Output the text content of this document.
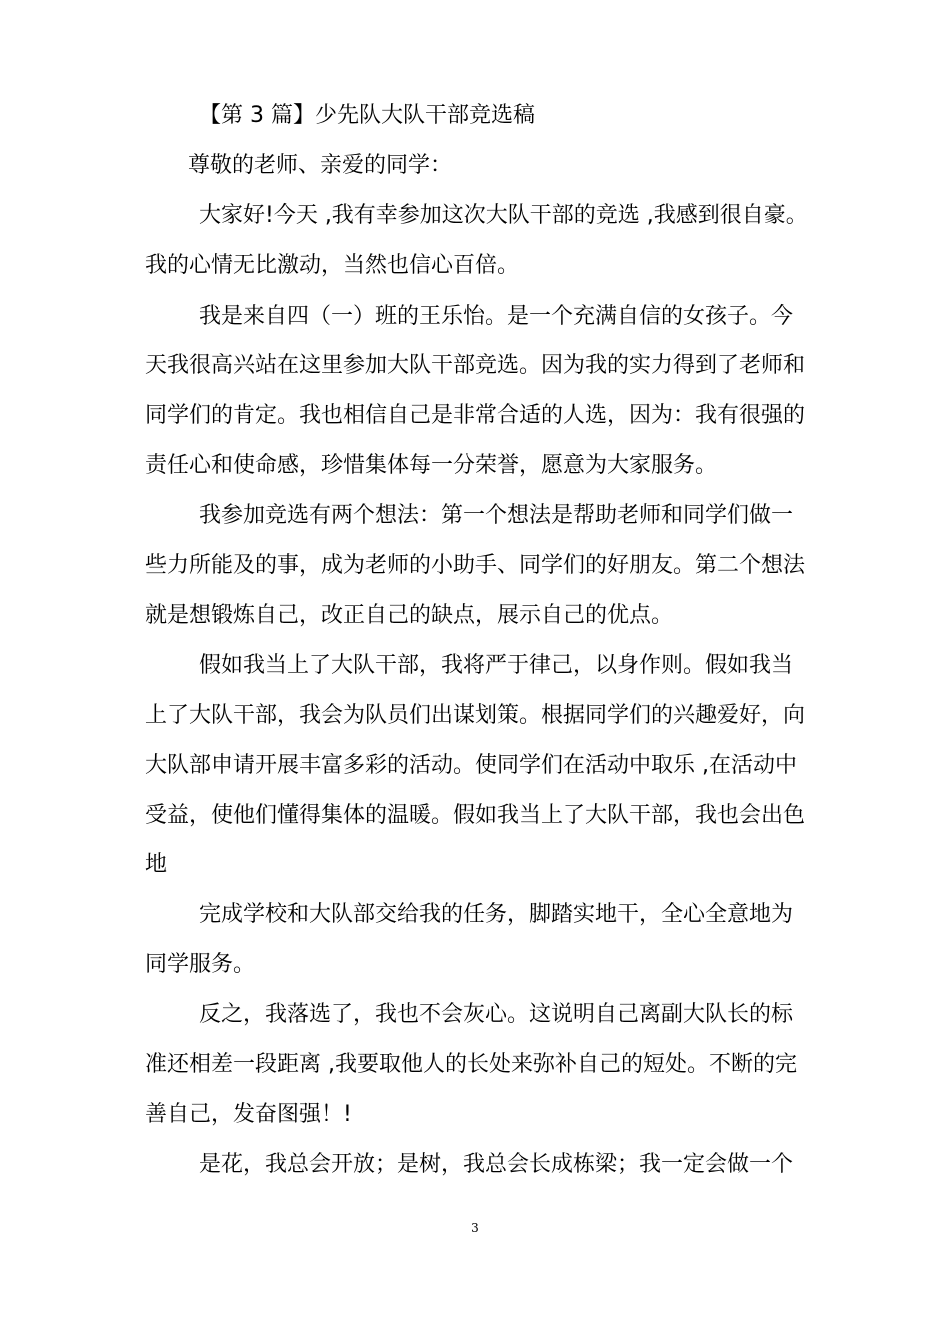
【第 3 篇】少先队大队干部竞选稿
尊敬的老师、亲爱的同学：
大家好!今天 ,我有幸参加这次大队干部的竞选 ,我感到很自豪。
我的心情无比激动，当然也信心百倍。
我是来自四（一）班的王乐怡。是一个充满自信的女孩子。今
天我很高兴站在这里参加大队干部竞选。因为我的实力得到了老师和
同学们的肯定。我也相信自己是非常合适的人选，因为：我有很强的
责任心和使命感，珍惜集体每一分荣誉，愿意为大家服务。
我参加竞选有两个想法：第一个想法是帮助老师和同学们做一
些力所能及的事，成为老师的小助手、同学们的好朋友。第二个想法
就是想锻炼自己，改正自己的缺点，展示自己的优点。
假如我当上了大队干部，我将严于律己，以身作则。假如我当
上了大队干部，我会为队员们出谋划策。根据同学们的兴趣爱好，向
大队部申请开展丰富多彩的活动。使同学们在活动中取乐 ,在活动中
受益，使他们懂得集体的温暖。假如我当上了大队干部，我也会出色
地
完成学校和大队部交给我的任务，脚踏实地干，全心全意地为
同学服务。
反之，我落选了，我也不会灰心。这说明自己离副大队长的标
准还相差一段距离 ,我要取他人的长处来弥补自己的短处。不断的完
善自己，发奋图强！!
是花，我总会开放；是树，我总会长成栋梁；我一定会做一个
3
